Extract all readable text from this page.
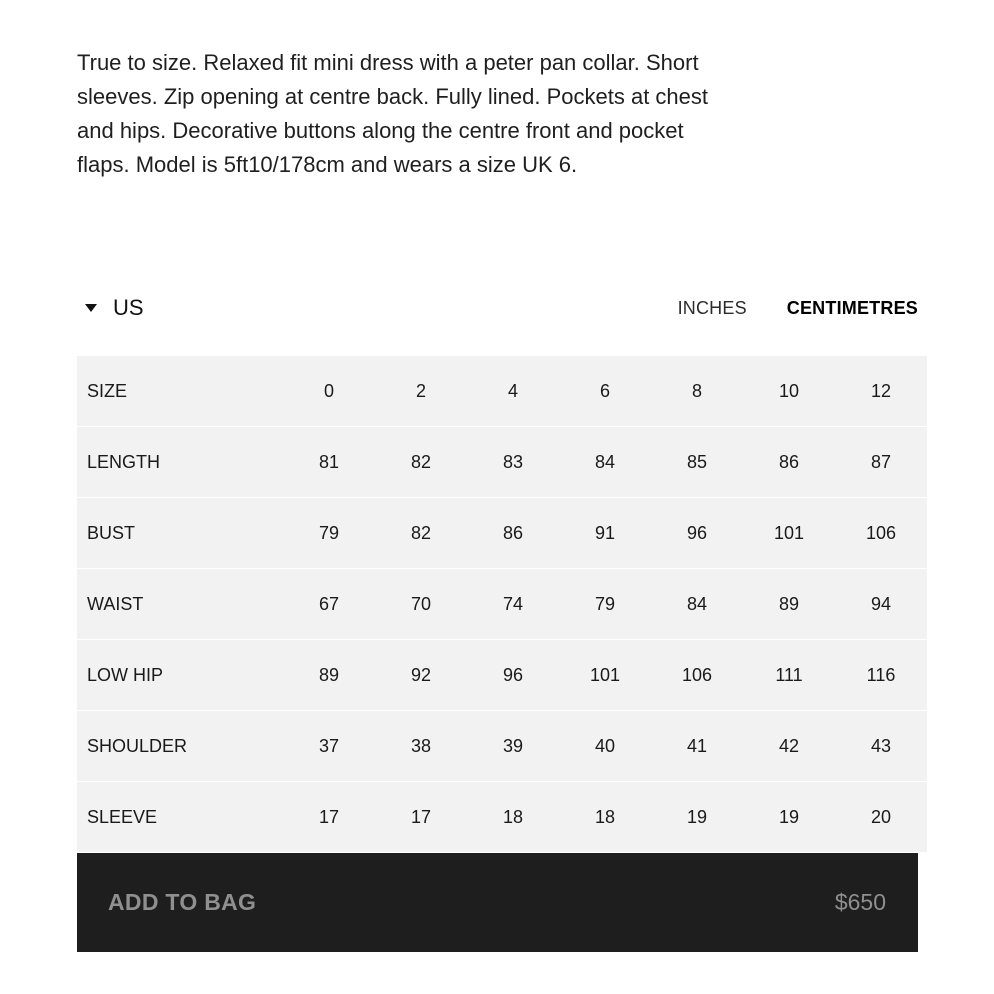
True to size. Relaxed fit mini dress with a peter pan collar. Short sleeves. Zip opening at centre back. Fully lined. Pockets at chest and hips. Decorative buttons along the centre front and pocket flaps. Model is 5ft10/178cm and wears a size UK 6.

US	INCHES CENTIMETRES
SIZE	0	2	4	6	8	10	12
LENGTH	81	82	83	84	85	86	87
BUST	79	82	86	91	96	101	106
WAIST	67	70	74	79	84	89	94
LOW HIP	89	92	96	101	106	111	116
SHOULDER	37	38	39	40	41	42	43
SLEEVE	17	17	18	18	19	19	20
ADD TO BAG	$650
